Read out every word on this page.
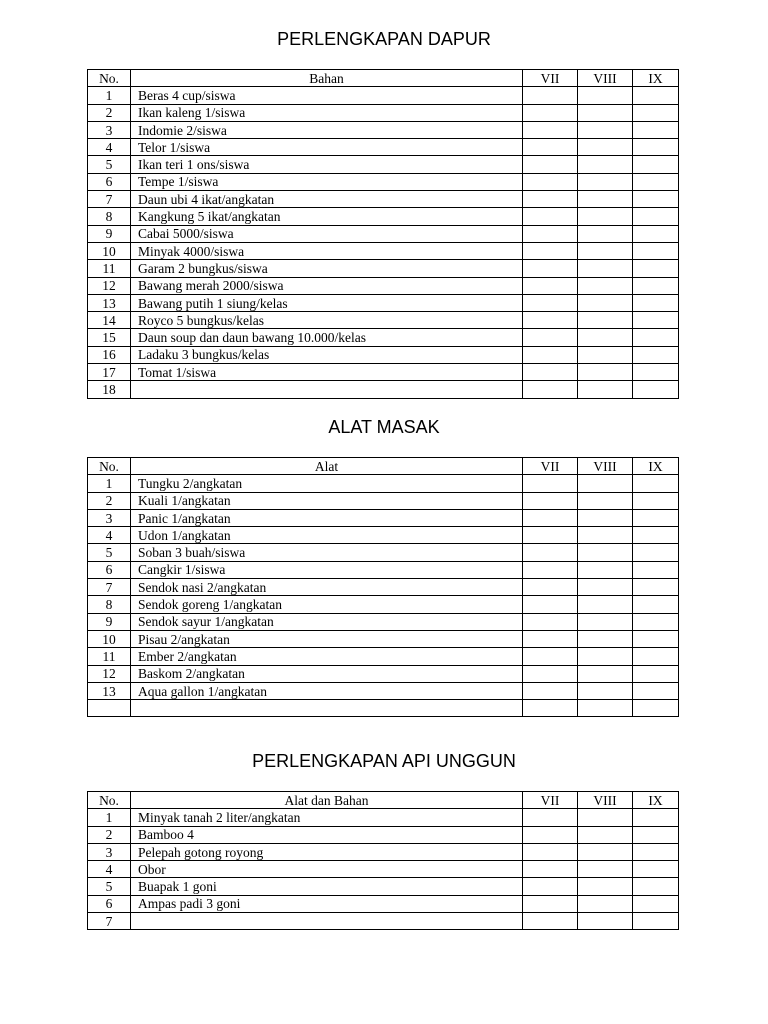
PERLENGKAPAN DAPUR
No.	Bahan	VII	VIII	IX
1	Beras 4 cup/siswa			
2	Ikan kaleng 1/siswa			
3	Indomie 2/siswa			
4	Telor 1/siswa			
5	Ikan teri 1 ons/siswa			
6	Tempe 1/siswa			
7	Daun ubi 4 ikat/angkatan			
8	Kangkung 5 ikat/angkatan			
9	Cabai 5000/siswa			
10	Minyak 4000/siswa			
11	Garam 2 bungkus/siswa			
12	Bawang merah 2000/siswa			
13	Bawang putih 1 siung/kelas			
14	Royco 5 bungkus/kelas			
15	Daun soup dan daun bawang 10.000/kelas			
16	Ladaku 3 bungkus/kelas			
17	Tomat 1/siswa			
18				
ALAT MASAK
No.	Alat	VII	VIII	IX
1	Tungku 2/angkatan			
2	Kuali 1/angkatan			
3	Panic 1/angkatan			
4	Udon 1/angkatan			
5	Soban 3 buah/siswa			
6	Cangkir 1/siswa			
7	Sendok nasi 2/angkatan			
8	Sendok goreng 1/angkatan			
9	Sendok sayur 1/angkatan			
10	Pisau 2/angkatan			
11	Ember 2/angkatan			
12	Baskom 2/angkatan			
13	Aqua gallon 1/angkatan			

PERLENGKAPAN API UNGGUN
No.	Alat dan Bahan	VII	VIII	IX
1	Minyak tanah 2 liter/angkatan			
2	Bamboo 4			
3	Pelepah gotong royong			
4	Obor			
5	Buapak 1 goni			
6	Ampas padi 3 goni			
7				
